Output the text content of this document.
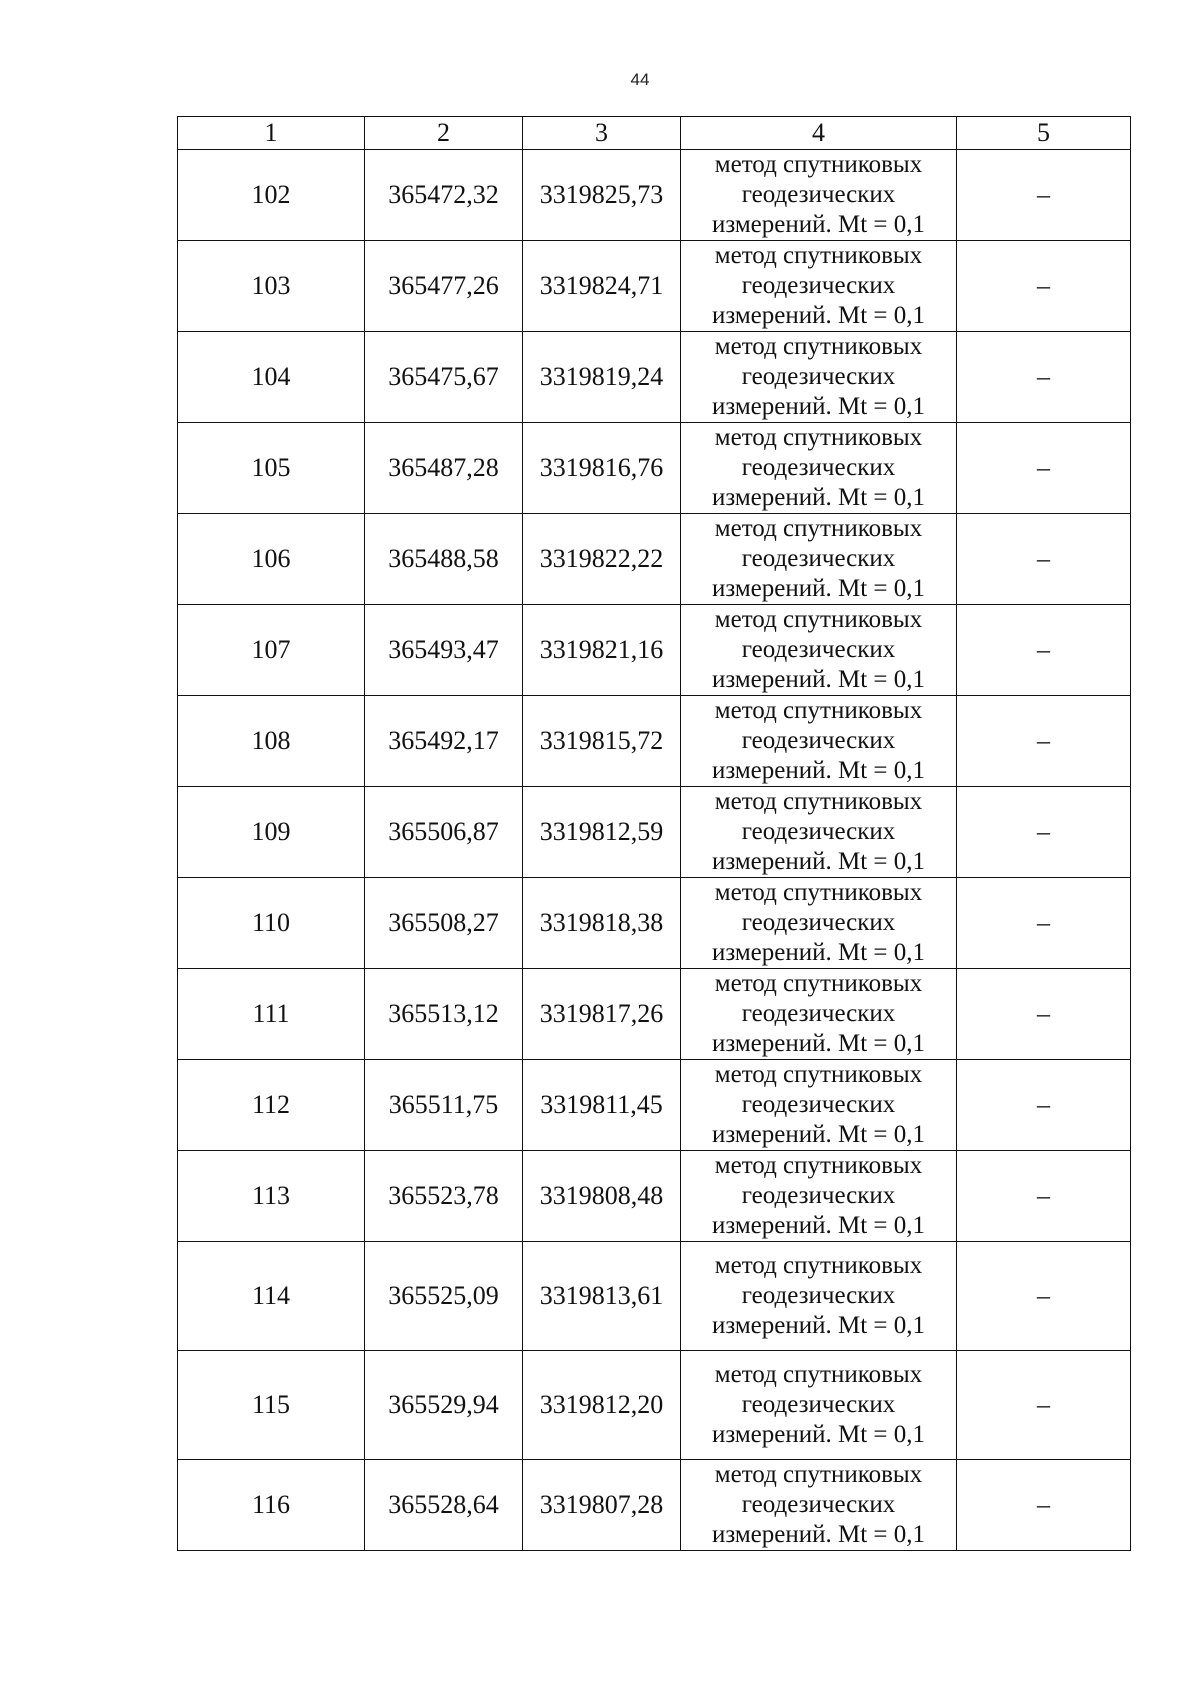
44
1	2	3	4	5
102	365472,32	3319825,73	метод спутниковых
геодезических
измерений. Mt = 0,1	–
103	365477,26	3319824,71	метод спутниковых
геодезических
измерений. Mt = 0,1	–
104	365475,67	3319819,24	метод спутниковых
геодезических
измерений. Mt = 0,1	–
105	365487,28	3319816,76	метод спутниковых
геодезических
измерений. Mt = 0,1	–
106	365488,58	3319822,22	метод спутниковых
геодезических
измерений. Mt = 0,1	–
107	365493,47	3319821,16	метод спутниковых
геодезических
измерений. Mt = 0,1	–
108	365492,17	3319815,72	метод спутниковых
геодезических
измерений. Mt = 0,1	–
109	365506,87	3319812,59	метод спутниковых
геодезических
измерений. Mt = 0,1	–
110	365508,27	3319818,38	метод спутниковых
геодезических
измерений. Mt = 0,1	–
111	365513,12	3319817,26	метод спутниковых
геодезических
измерений. Mt = 0,1	–
112	365511,75	3319811,45	метод спутниковых
геодезических
измерений. Mt = 0,1	–
113	365523,78	3319808,48	метод спутниковых
геодезических
измерений. Mt = 0,1	–
114	365525,09	3319813,61	метод спутниковых
геодезических
измерений. Mt = 0,1	–
115	365529,94	3319812,20	метод спутниковых
геодезических
измерений. Mt = 0,1	–
116	365528,64	3319807,28	метод спутниковых
геодезических
измерений. Mt = 0,1	–
